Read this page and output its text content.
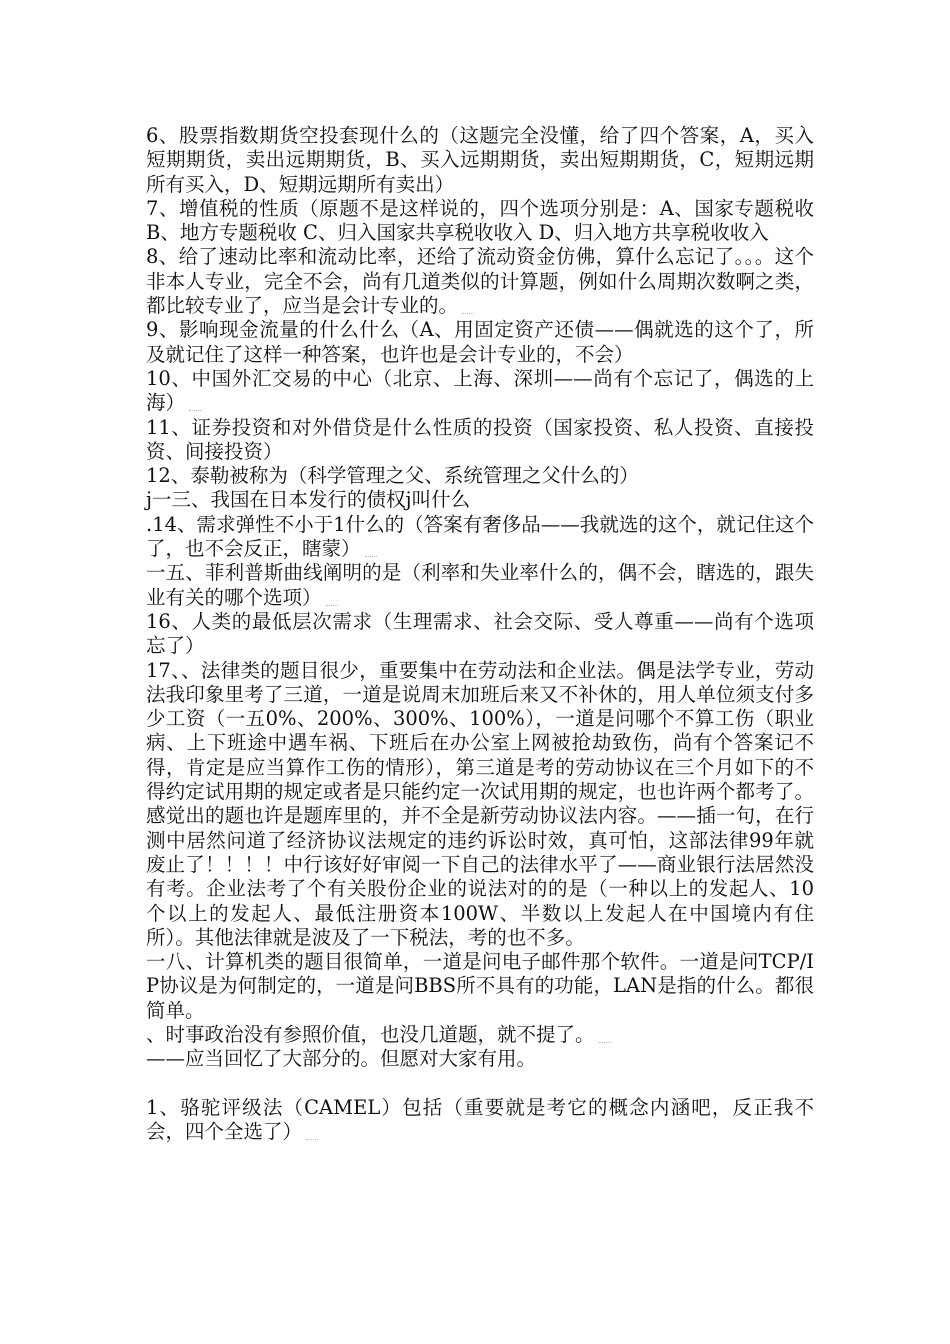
6、股票指数期货空投套现什么的（这题完全没懂，给了四个答案，A，买入短期期货，卖出远期期货，B、买入远期期货，卖出短期期货，C，短期远期所有买入，D、短期远期所有卖出）

7、增值税的性质（原题不是这样说的，四个选项分别是：A、国家专题税收 B、地方专题税收 C、归入国家共享税收收入 D、归入地方共享税收收入

8、给了速动比率和流动比率，还给了流动资金仿佛，算什么忘记了。。。这个非本人专业，完全不会，尚有几道类似的计算题，例如什么周期次数啊之类，都比较专业了，应当是会计专业的。

9、影响现金流量的什么什么（A、用固定资产还债——偶就选的这个了，所及就记住了这样一种答案，也许也是会计专业的，不会）

10、中国外汇交易的中心（北京、上海、深圳——尚有个忘记了，偶选的上海）

11、证券投资和对外借贷是什么性质的投资（国家投资、私人投资、直接投资、间接投资）

12、泰勒被称为（科学管理之父、系统管理之父什么的）

j一三、我国在日本发行的债权j叫什么

.14、需求弹性不小于1什么的（答案有奢侈品——我就选的这个，就记住这个了，也不会反正，瞎蒙）

一五、菲利普斯曲线阐明的是（利率和失业率什么的，偶不会，瞎选的，跟失业有关的哪个选项）

16、人类的最低层次需求（生理需求、社会交际、受人尊重——尚有个选项忘了）

17、、法律类的题目很少，重要集中在劳动法和企业法。偶是法学专业，劳动法我印象里考了三道，一道是说周末加班后来又不补休的，用人单位须支付多少工资（一五0%、200%、300%、100%），一道是问哪个不算工伤（职业病、上下班途中遇车祸、下班后在办公室上网被抢劫致伤，尚有个答案记不得，肯定是应当算作工伤的情形），第三道是考的劳动协议在三个月如下的不得约定试用期的规定或者是只能约定一次试用期的规定，也也许两个都考了。感觉出的题也许是题库里的，并不全是新劳动协议法内容。——插一句，在行测中居然问道了经济协议法规定的违约诉讼时效，真可怕，这部法律99年就废止了！！！！中行该好好审阅一下自己的法律水平了——商业银行法居然没有考。企业法考了个有关股份企业的说法对的的是（一种以上的发起人、10个以上的发起人、最低注册资本100W、半数以上发起人在中国境内有住所）。其他法律就是波及了一下税法，考的也不多。

一八、计算机类的题目很简单，一道是问电子邮件那个软件。一道是问TCP/IP协议是为何制定的，一道是问BBS所不具有的功能，LAN是指的什么。都很简单。

、时事政治没有参照价值，也没几道题，就不提了。

——应当回忆了大部分的。但愿对大家有用。

1、骆驼评级法（CAMEL）包括（重要就是考它的概念内涵吧，反正我不会，四个全选了）
